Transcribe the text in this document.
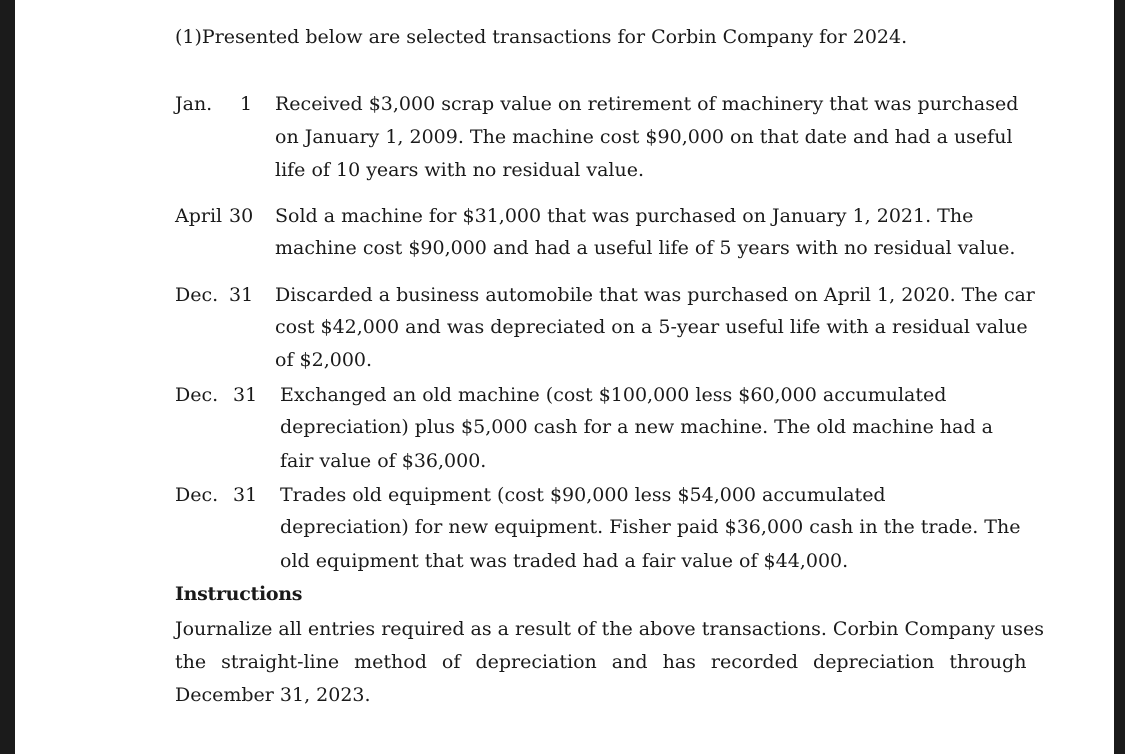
(1)Presented below are selected transactions for Corbin Company for 2024.

Jan. 1 Received $3,000 scrap value on retirement of machinery that was purchased

on January 1, 2009. The machine cost $90,000 on that date and had a useful

life of 10 years with no residual value.

April 30 Sold a machine for $31,000 that was purchased on January 1, 2021. The

machine cost $90,000 and had a useful life of 5 years with no residual value.

Dec. 31 Discarded a business automobile that was purchased on April 1, 2020. The car

cost $42,000 and was depreciated on a 5-year useful life with a residual value

of $2,000.

Dec. 31 Exchanged an old machine (cost $100,000 less $60,000 accumulated

depreciation) plus $5,000 cash for a new machine. The old machine had a

fair value of $36,000.

Dec. 31 Trades old equipment (cost $90,000 less $54,000 accumulated

depreciation) for new equipment. Fisher paid $36,000 cash in the trade. The

old equipment that was traded had a fair value of $44,000.

Instructions

Journalize all entries required as a result of the above transactions. Corbin Company uses

the straight-line method of depreciation and has recorded depreciation through

December 31, 2023.
